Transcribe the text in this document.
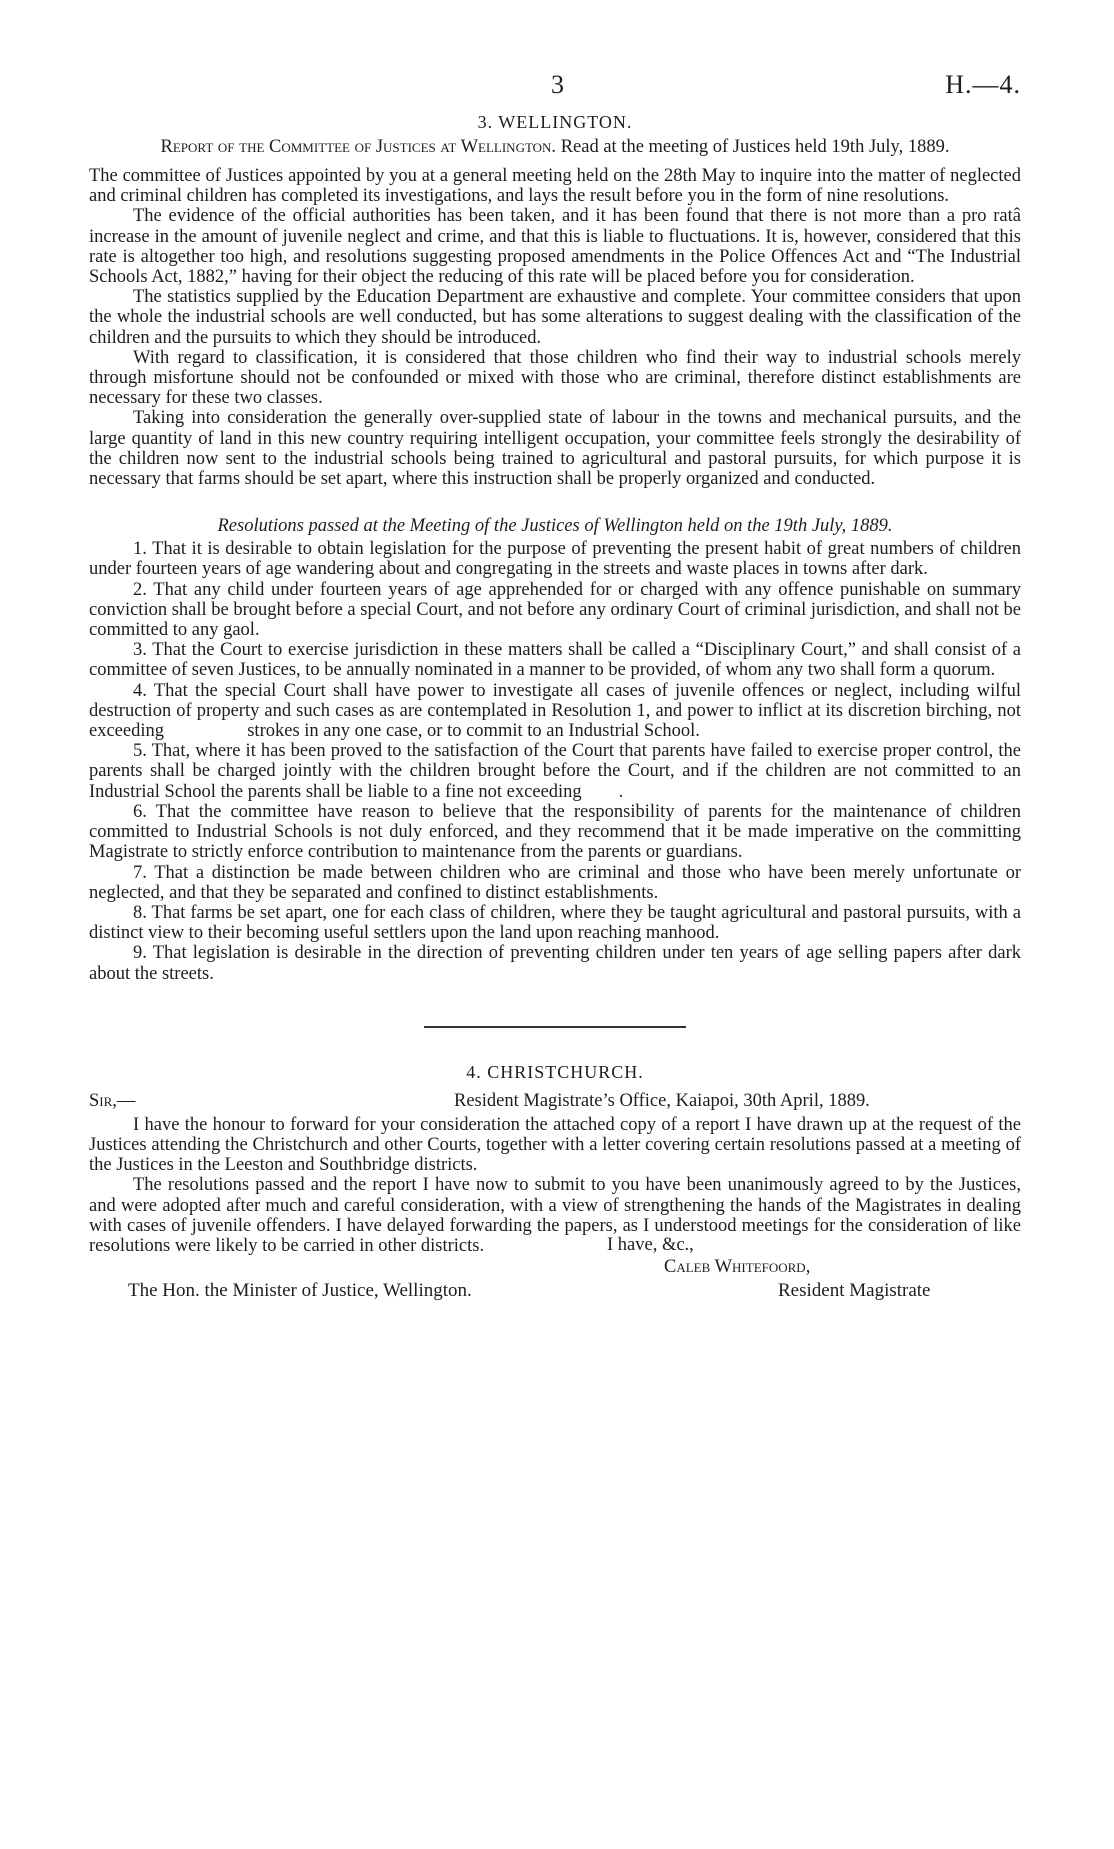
3	H.—4.
3. WELLINGTON.
Report of the Committee of Justices at Wellington. Read at the meeting of Justices held 19th July, 1889.

The committee of Justices appointed by you at a general meeting held on the 28th May to inquire into the matter of neglected and criminal children has completed its investigations, and lays the result before you in the form of nine resolutions.

The evidence of the official authorities has been taken, and it has been found that there is not more than a pro ratâ increase in the amount of juvenile neglect and crime, and that this is liable to fluctuations. It is, however, considered that this rate is altogether too high, and resolutions suggesting proposed amendments in the Police Offences Act and “The Industrial Schools Act, 1882,” having for their object the reducing of this rate will be placed before you for consideration.

The statistics supplied by the Education Department are exhaustive and complete. Your committee considers that upon the whole the industrial schools are well conducted, but has some alterations to suggest dealing with the classification of the children and the pursuits to which they should be introduced.

With regard to classification, it is considered that those children who find their way to industrial schools merely through misfortune should not be confounded or mixed with those who are criminal, therefore distinct establishments are necessary for these two classes.

Taking into consideration the generally over-supplied state of labour in the towns and mechanical pursuits, and the large quantity of land in this new country requiring intelligent occupation, your committee feels strongly the desirability of the children now sent to the industrial schools being trained to agricultural and pastoral pursuits, for which purpose it is necessary that farms should be set apart, where this instruction shall be properly organized and conducted.

Resolutions passed at the Meeting of the Justices of Wellington held on the 19th July, 1889.

1. That it is desirable to obtain legislation for the purpose of preventing the present habit of great numbers of children under fourteen years of age wandering about and congregating in the streets and waste places in towns after dark.

2. That any child under fourteen years of age apprehended for or charged with any offence punishable on summary conviction shall be brought before a special Court, and not before any ordinary Court of criminal jurisdiction, and shall not be committed to any gaol.

3. That the Court to exercise jurisdiction in these matters shall be called a “Disciplinary Court,” and shall consist of a committee of seven Justices, to be annually nominated in a manner to be provided, of whom any two shall form a quorum.

4. That the special Court shall have power to investigate all cases of juvenile offences or neglect, including wilful destruction of property and such cases as are contemplated in Resolution 1, and power to inflict at its discretion birching, not exceeding                  strokes in any one case, or to commit to an Industrial School.

5. That, where it has been proved to the satisfaction of the Court that parents have failed to exercise proper control, the parents shall be charged jointly with the children brought before the Court, and if the children are not committed to an Industrial School the parents shall be liable to a fine not exceeding        .

6. That the committee have reason to believe that the responsibility of parents for the maintenance of children committed to Industrial Schools is not duly enforced, and they recommend that it be made imperative on the committing Magistrate to strictly enforce contribution to maintenance from the parents or guardians.

7. That a distinction be made between children who are criminal and those who have been merely unfortunate or neglected, and that they be separated and confined to distinct establishments.

8. That farms be set apart, one for each class of children, where they be taught agricultural and pastoral pursuits, with a distinct view to their becoming useful settlers upon the land upon reaching manhood.

9. That legislation is desirable in the direction of preventing children under ten years of age selling papers after dark about the streets.

4. CHRISTCHURCH.
Sir,—	Resident Magistrate’s Office, Kaiapoi, 30th April, 1889.

I have the honour to forward for your consideration the attached copy of a report I have drawn up at the request of the Justices attending the Christchurch and other Courts, together with a letter covering certain resolutions passed at a meeting of the Justices in the Leeston and Southbridge districts.

The resolutions passed and the report I have now to submit to you have been unanimously agreed to by the Justices, and were adopted after much and careful consideration, with a view of strengthening the hands of the Magistrates in dealing with cases of juvenile offenders. I have delayed forwarding the papers, as I understood meetings for the consideration of like resolutions were likely to be carried in other districts.	I have, &c.,
Caleb Whitefoord,
The Hon. the Minister of Justice, Wellington.	Resident Magistrate
